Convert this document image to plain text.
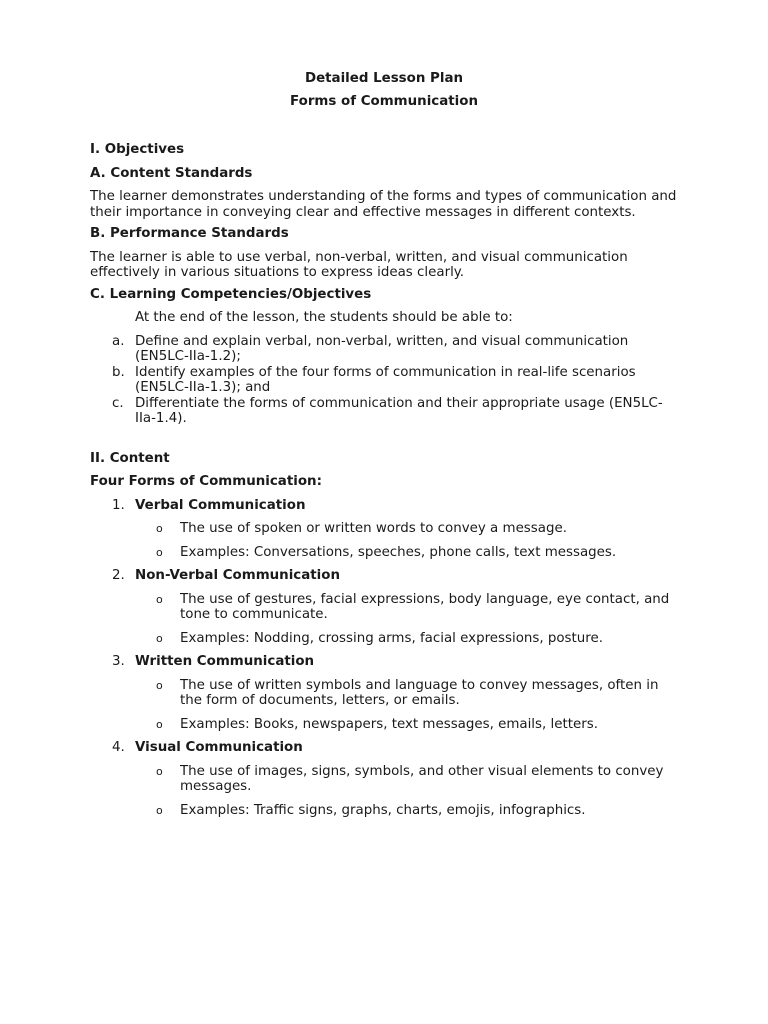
Detailed Lesson Plan
Forms of Communication
I. Objectives
A. Content Standards
The learner demonstrates understanding of the forms and types of communication and their importance in conveying clear and effective messages in different contexts.
B. Performance Standards
The learner is able to use verbal, non-verbal, written, and visual communication effectively in various situations to express ideas clearly.
C. Learning Competencies/Objectives
At the end of the lesson, the students should be able to:
a. Define and explain verbal, non-verbal, written, and visual communication (EN5LC-IIa-1.2);
b. Identify examples of the four forms of communication in real-life scenarios (EN5LC-IIa-1.3); and
c. Differentiate the forms of communication and their appropriate usage (EN5LC-IIa-1.4).
II. Content
Four Forms of Communication:
1. Verbal Communication
o The use of spoken or written words to convey a message.
o Examples: Conversations, speeches, phone calls, text messages.
2. Non-Verbal Communication
o The use of gestures, facial expressions, body language, eye contact, and tone to communicate.
o Examples: Nodding, crossing arms, facial expressions, posture.
3. Written Communication
o The use of written symbols and language to convey messages, often in the form of documents, letters, or emails.
o Examples: Books, newspapers, text messages, emails, letters.
4. Visual Communication
o The use of images, signs, symbols, and other visual elements to convey messages.
o Examples: Traffic signs, graphs, charts, emojis, infographics.
